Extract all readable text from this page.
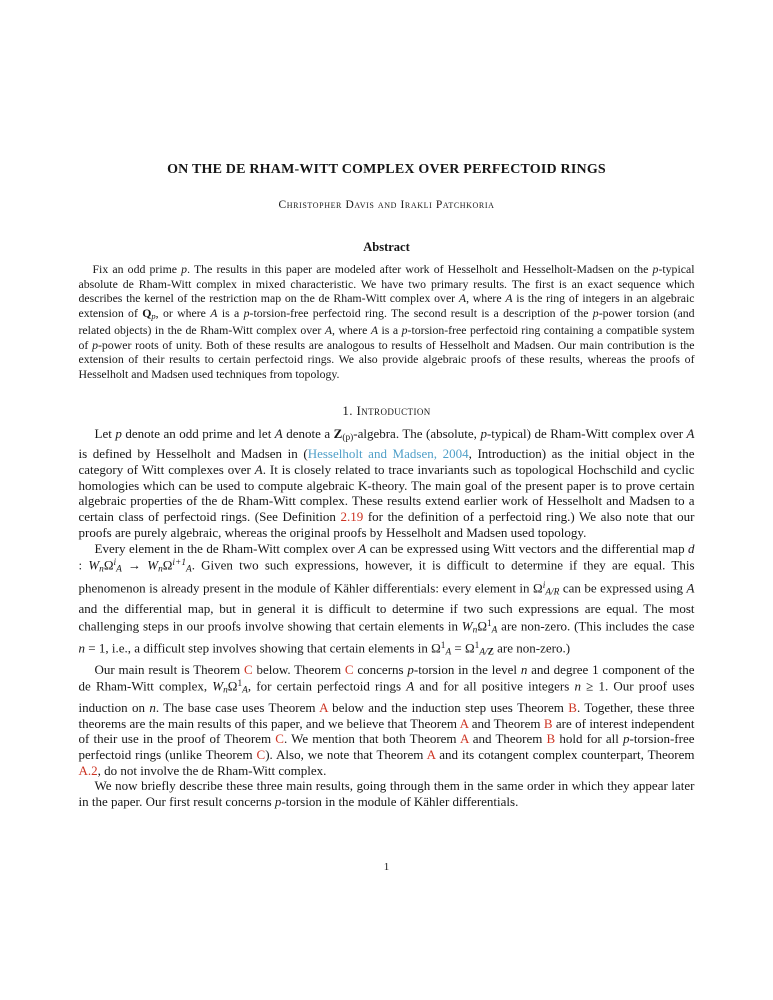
ON THE DE RHAM-WITT COMPLEX OVER PERFECTOID RINGS
Christopher Davis and Irakli Patchkoria
Abstract

Fix an odd prime p. The results in this paper are modeled after work of Hesselholt and Hesselholt-Madsen on the p-typical absolute de Rham-Witt complex in mixed characteristic. We have two primary results. The first is an exact sequence which describes the kernel of the restriction map on the de Rham-Witt complex over A, where A is the ring of integers in an algebraic extension of Qp, or where A is a p-torsion-free perfectoid ring. The second result is a description of the p-power torsion (and related objects) in the de Rham-Witt complex over A, where A is a p-torsion-free perfectoid ring containing a compatible system of p-power roots of unity. Both of these results are analogous to results of Hesselholt and Madsen. Our main contribution is the extension of their results to certain perfectoid rings. We also provide algebraic proofs of these results, whereas the proofs of Hesselholt and Madsen used techniques from topology.

1. Introduction

Let p denote an odd prime and let A denote a Z(p)-algebra. The (absolute, p-typical) de Rham-Witt complex over A is defined by Hesselholt and Madsen in (Hesselholt and Madsen, 2004, Introduction) as the initial object in the category of Witt complexes over A. It is closely related to trace invariants such as topological Hochschild and cyclic homologies which can be used to compute algebraic K-theory. The main goal of the present paper is to prove certain algebraic properties of the de Rham-Witt complex. These results extend earlier work of Hesselholt and Madsen to a certain class of perfectoid rings. (See Definition 2.19 for the definition of a perfectoid ring.) We also note that our proofs are purely algebraic, whereas the original proofs by Hesselholt and Madsen used topology.

Every element in the de Rham-Witt complex over A can be expressed using Witt vectors and the differential map d : WnΩ$^i$A → WnΩ$^{i+1}$A. Given two such expressions, however, it is difficult to determine if they are equal. This phenomenon is already present in the module of Kähler differentials: every element in $\Omega^iA/R$ can be expressed using A and the differential map, but in general it is difficult to determine if two such expressions are equal. The most challenging steps in our proofs involve showing that certain elements in WnΩ$^1$A are non-zero. (This includes the case n = 1, i.e., a difficult step involves showing that certain elements in $\Omega^1A = \Omega^1A/Z$ are non-zero.)

Our main result is Theorem C below. Theorem C concerns p-torsion in the level n and degree 1 component of the de Rham-Witt complex, WnΩ$^1$A, for certain perfectoid rings A and for all positive integers n ≥ 1. Our proof uses induction on n. The base case uses Theorem A below and the induction step uses Theorem B. Together, these three theorems are the main results of this paper, and we believe that Theorem A and Theorem B are of interest independent of their use in the proof of Theorem C. We mention that both Theorem A and Theorem B hold for all p-torsion-free perfectoid rings (unlike Theorem C). Also, we note that Theorem A and its cotangent complex counterpart, Theorem A.2, do not involve the de Rham-Witt complex.

We now briefly describe these three main results, going through them in the same order in which they appear later in the paper. Our first result concerns p-torsion in the module of Kähler differentials.

1
